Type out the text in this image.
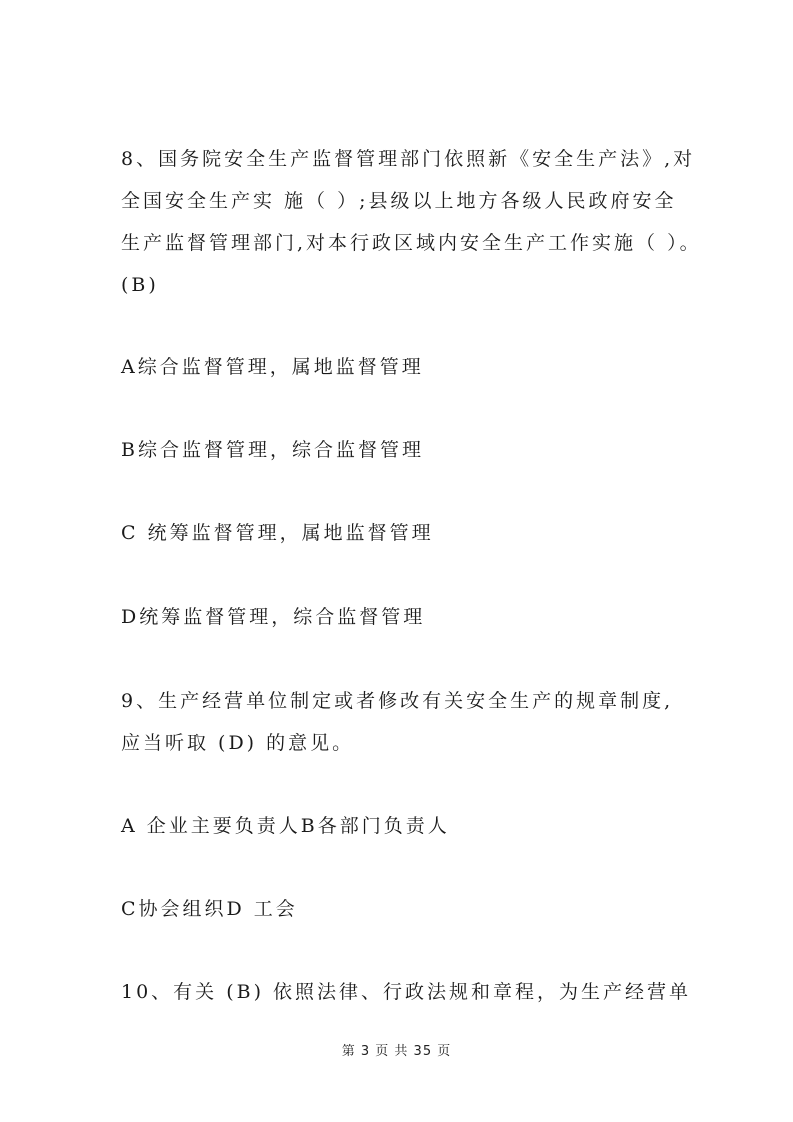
8、国务院安全生产监督管理部门依照新《安全生产法》,对
全国安全生产实 施（ ）;县级以上地方各级人民政府安全
生产监督管理部门,对本行政区域内安全生产工作实施（ ）。
(B)
A综合监督管理，属地监督管理
B综合监督管理，综合监督管理
C 统筹监督管理，属地监督管理
D统筹监督管理，综合监督管理
9、生产经营单位制定或者修改有关安全生产的规章制度,
应当听取 (D) 的意见。
A 企业主要负责人B各部门负责人
C协会组织D 工会
10、有关 (B) 依照法律、行政法规和章程，为生产经营单
第 3 页 共 35 页
